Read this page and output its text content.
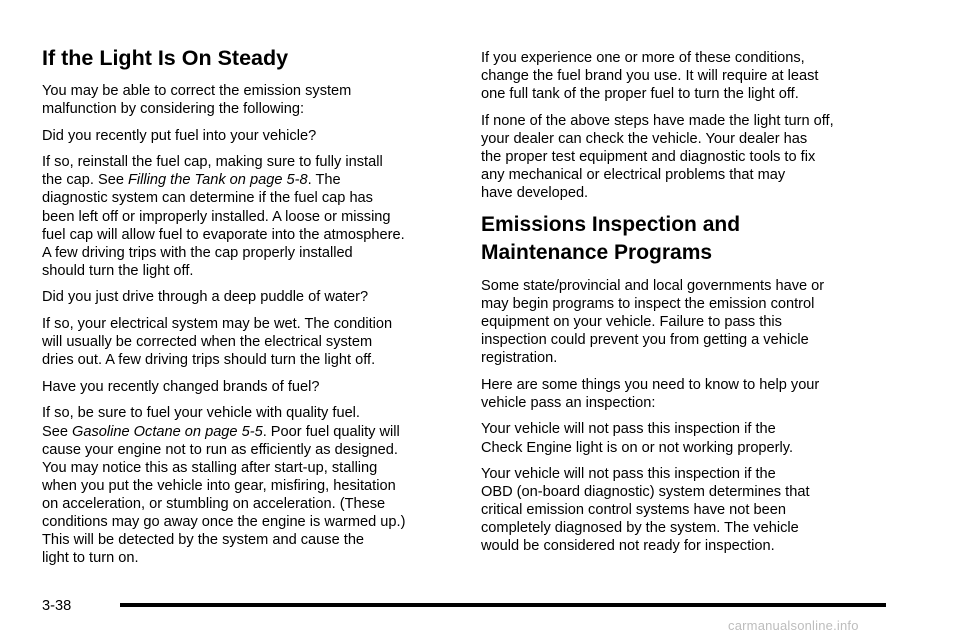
If the Light Is On Steady

You may be able to correct the emission system
malfunction by considering the following:

Did you recently put fuel into your vehicle?

If so, reinstall the fuel cap, making sure to fully install
the cap. See Filling the Tank on page 5-8. The
diagnostic system can determine if the fuel cap has
been left off or improperly installed. A loose or missing
fuel cap will allow fuel to evaporate into the atmosphere.
A few driving trips with the cap properly installed
should turn the light off.

Did you just drive through a deep puddle of water?

If so, your electrical system may be wet. The condition
will usually be corrected when the electrical system
dries out. A few driving trips should turn the light off.

Have you recently changed brands of fuel?

If so, be sure to fuel your vehicle with quality fuel.
See Gasoline Octane on page 5-5. Poor fuel quality will
cause your engine not to run as efficiently as designed.
You may notice this as stalling after start-up, stalling
when you put the vehicle into gear, misfiring, hesitation
on acceleration, or stumbling on acceleration. (These
conditions may go away once the engine is warmed up.)
This will be detected by the system and cause the
light to turn on.

If you experience one or more of these conditions,
change the fuel brand you use. It will require at least
one full tank of the proper fuel to turn the light off.

If none of the above steps have made the light turn off,
your dealer can check the vehicle. Your dealer has
the proper test equipment and diagnostic tools to fix
any mechanical or electrical problems that may
have developed.

Emissions Inspection and
Maintenance Programs

Some state/provincial and local governments have or
may begin programs to inspect the emission control
equipment on your vehicle. Failure to pass this
inspection could prevent you from getting a vehicle
registration.

Here are some things you need to know to help your
vehicle pass an inspection:

Your vehicle will not pass this inspection if the
Check Engine light is on or not working properly.

Your vehicle will not pass this inspection if the
OBD (on-board diagnostic) system determines that
critical emission control systems have not been
completely diagnosed by the system. The vehicle
would be considered not ready for inspection.

3-38
carmanualsonline.info
